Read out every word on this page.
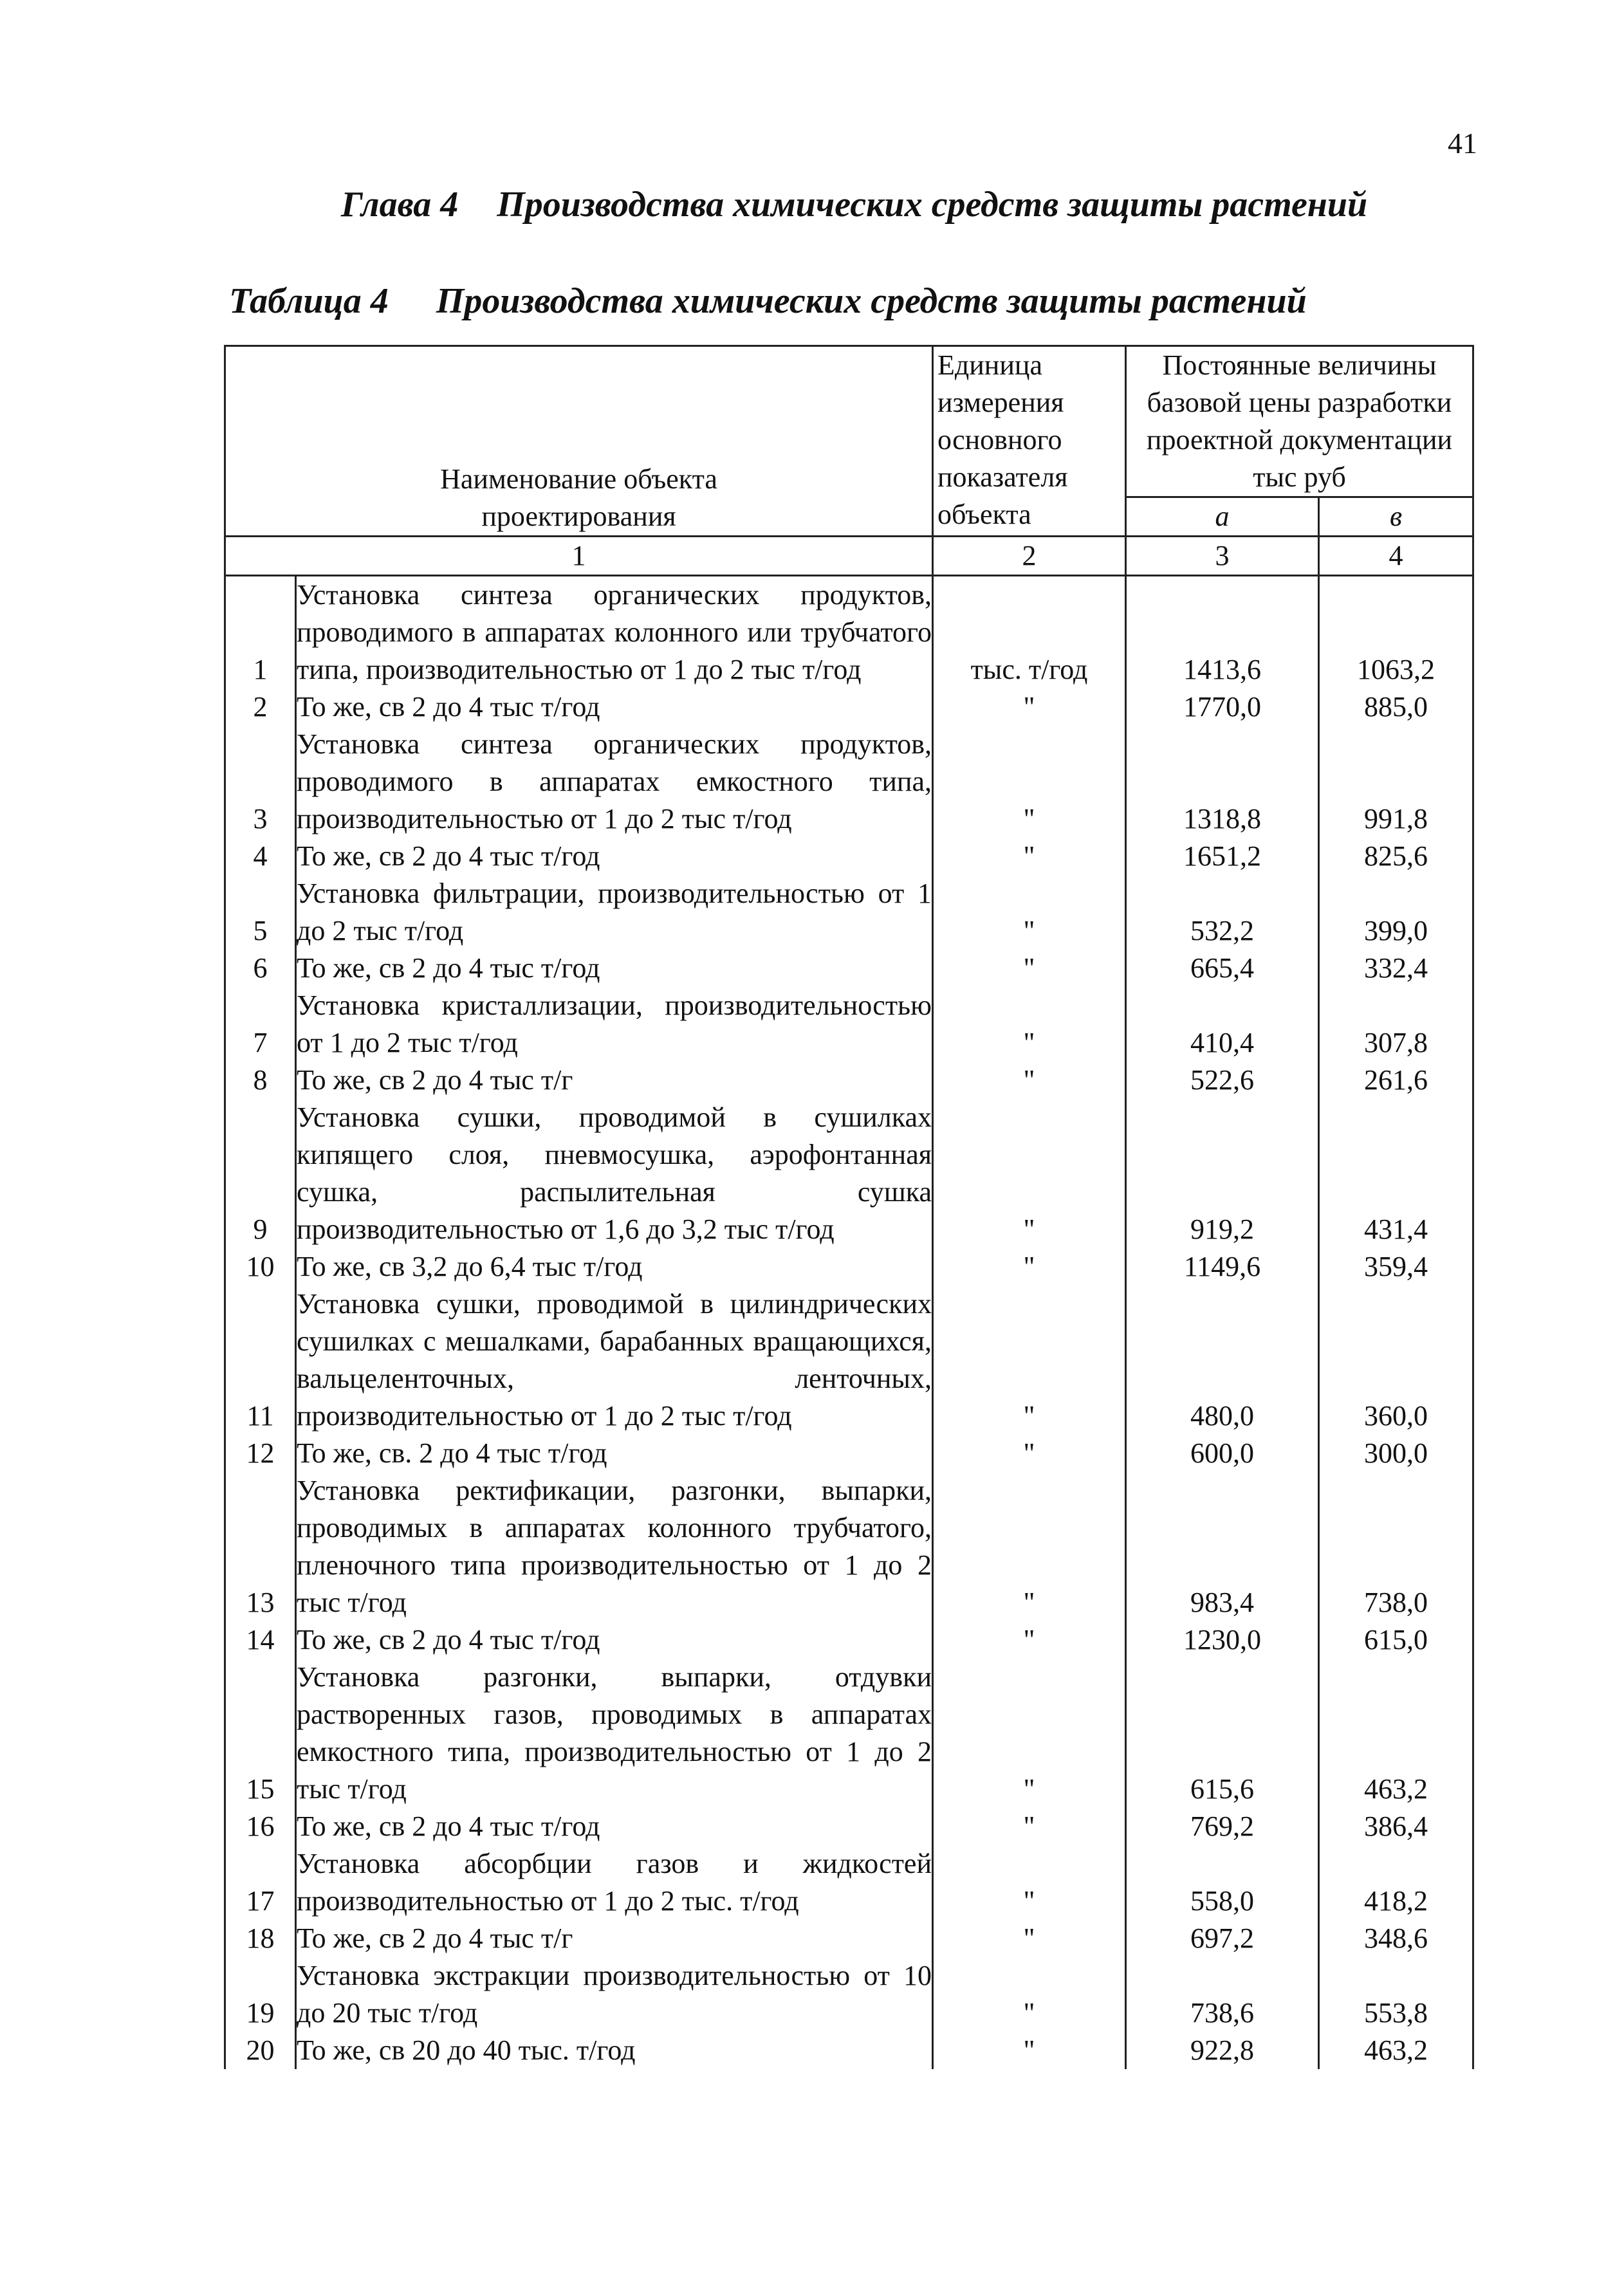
41
Глава 4 Производства химических средств защиты растений
Таблица 4 Производства химических средств защиты растений
Наименование объекта проектирования		Единица измерения основного показателя объекта	Постоянные величины базовой цены разработки проектной документации тыс руб	

			а	в
1		2	3	4
1	Установка синтеза органических продуктов, проводимого в аппаратах колонного или трубчатого типа, производительностью от 1 до 2 тыс т/год	тыс. т/год	1413,6	1063,2
2	То же, св 2 до 4 тыс т/год	"	1770,0	885,0
3	Установка синтеза органических продуктов, проводимого в аппаратах емкостного типа, производительностью от 1 до 2 тыс т/год	"	1318,8	991,8
4	То же, св 2 до 4 тыс т/год	"	1651,2	825,6
5	Установка фильтрации, производительностью от 1 до 2 тыс т/год	"	532,2	399,0
6	То же, св 2 до 4 тыс т/год	"	665,4	332,4
7	Установка кристаллизации, производительностью от 1 до 2 тыс т/год	"	410,4	307,8
8	То же, св 2 до 4 тыс т/г	"	522,6	261,6
9	Установка сушки, проводимой в сушилках кипящего слоя, пневмосушка, аэрофонтанная сушка, распылительная сушка производительностью от 1,6 до 3,2 тыс т/год	"	919,2	431,4
10	То же, св 3,2 до 6,4 тыс т/год	"	1149,6	359,4
11	Установка сушки, проводимой в цилиндрических сушилках с мешалками, барабанных вращающихся, вальцеленточных, ленточных, производительностью от 1 до 2 тыс т/год	"	480,0	360,0
12	То же, св. 2 до 4 тыс т/год	"	600,0	300,0
13	Установка ректификации, разгонки, выпарки, проводимых в аппаратах колонного трубчатого, пленочного типа производительностью от 1 до 2 тыс т/год	"	983,4	738,0
14	То же, св 2 до 4 тыс т/год	"	1230,0	615,0
15	Установка разгонки, выпарки, отдувки растворенных газов, проводимых в аппаратах емкостного типа, производительностью от 1 до 2 тыс т/год	"	615,6	463,2
16	То же, св 2 до 4 тыс т/год	"	769,2	386,4
17	Установка абсорбции газов и жидкостей производительностью от 1 до 2 тыс. т/год	"	558,0	418,2
18	То же, св 2 до 4 тыс т/г	"	697,2	348,6
19	Установка экстракции производительностью от 10 до 20 тыс т/год	"	738,6	553,8
20	То же, св 20 до 40 тыс. т/год	"	922,8	463,2
